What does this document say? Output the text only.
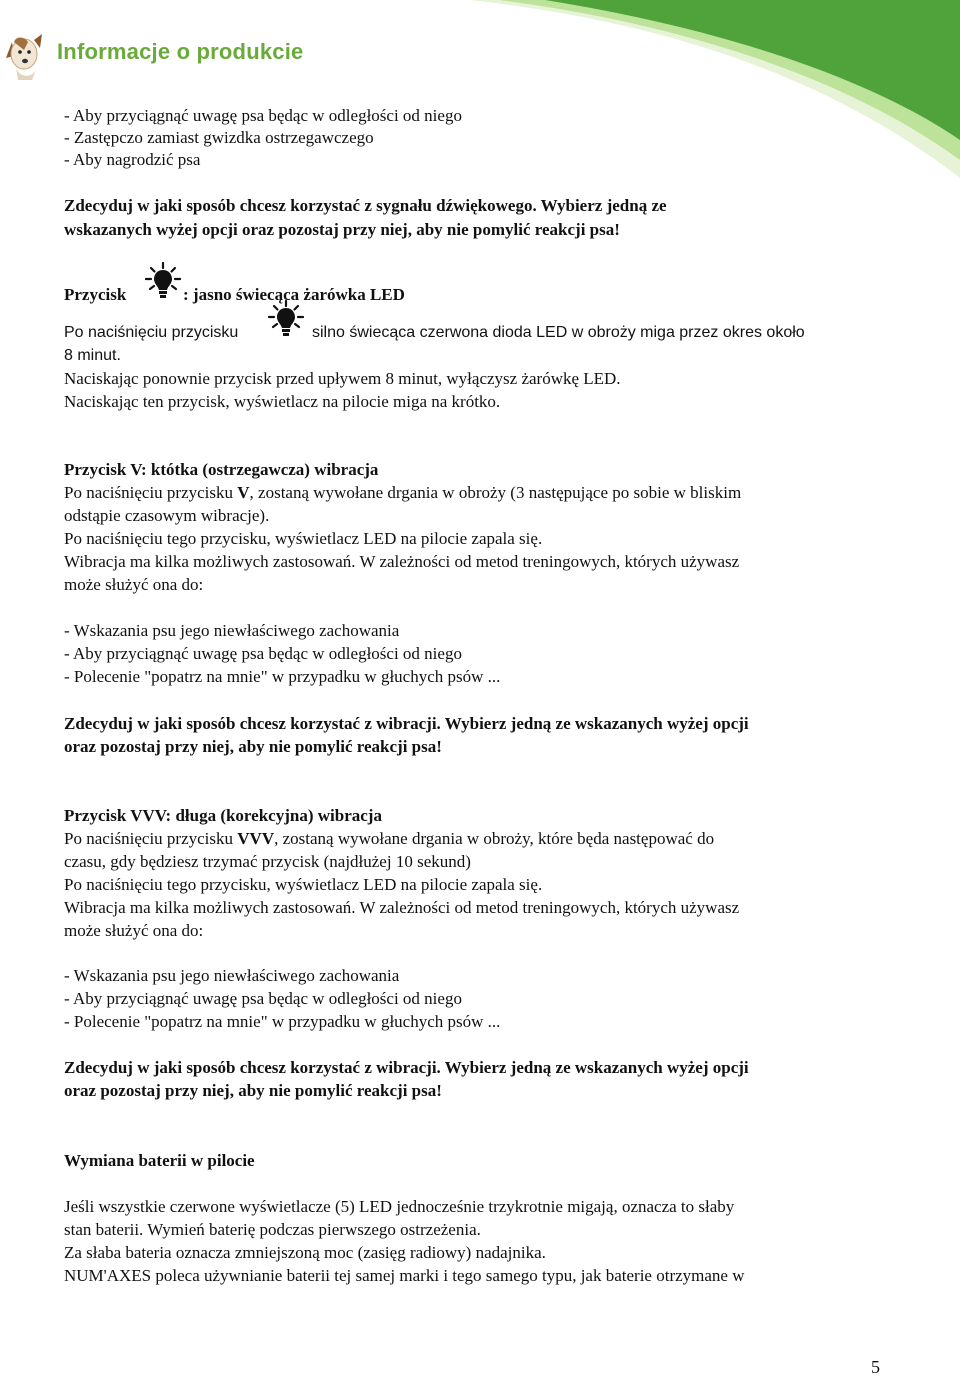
Informacje o produkcie

- Aby przyciągnąć uwagę psa będąc w odległości od niego

- Zastępczo zamiast gwizdka ostrzegawczego

- Aby nagrodzić psa

Zdecyduj w jaki sposób chcesz korzystać z sygnału dźwiękowego. Wybierz jedną ze

wskazanych wyżej opcji oraz pozostaj przy niej, aby nie pomylić reakcji psa!

Przycisk	: jasno świecąca żarówka LED

Po naciśnięciu przycisku	silno świecąca czerwona dioda LED w obroży miga przez okres około

8 minut.

Naciskając ponownie przycisk przed upływem 8 minut, wyłączysz żarówkę LED.

Naciskając ten przycisk, wyświetlacz na pilocie miga na krótko.

Przycisk V: któtka (ostrzegawcza) wibracja

Po naciśnięciu przycisku V, zostaną wywołane drgania w obroży (3 następujące po sobie w bliskim

odstąpie czasowym wibracje).

Po naciśnięciu tego przycisku, wyświetlacz LED na pilocie zapala się.

Wibracja ma kilka możliwych zastosowań. W zależności od metod treningowych, których używasz

może służyć ona do:

- Wskazania psu jego niewłaściwego zachowania

- Aby przyciągnąć uwagę psa będąc w odległości od niego

- Polecenie "popatrz na mnie" w przypadku w głuchych psów ...

Zdecyduj w jaki sposób chcesz korzystać z wibracji. Wybierz jedną ze wskazanych wyżej opcji

oraz pozostaj przy niej, aby nie pomylić reakcji psa!

Przycisk VVV: długa (korekcyjna) wibracja

Po naciśnięciu przycisku VVV, zostaną wywołane drgania w obroży, które będa następować do

czasu, gdy będziesz trzymać przycisk (najdłużej 10 sekund)

Po naciśnięciu tego przycisku, wyświetlacz LED na pilocie zapala się.

Wibracja ma kilka możliwych zastosowań. W zależności od metod treningowych, których używasz

może służyć ona do:

- Wskazania psu jego niewłaściwego zachowania

- Aby przyciągnąć uwagę psa będąc w odległości od niego

- Polecenie "popatrz na mnie" w przypadku w głuchych psów ...

Zdecyduj w jaki sposób chcesz korzystać z wibracji. Wybierz jedną ze wskazanych wyżej opcji

oraz pozostaj przy niej, aby nie pomylić reakcji psa!

Wymiana baterii w pilocie

Jeśli wszystkie czerwone wyświetlacze (5) LED jednocześnie trzykrotnie migają, oznacza to słaby

stan baterii. Wymień baterię podczas pierwszego ostrzeżenia.

Za słaba bateria oznacza zmniejszoną moc (zasięg radiowy) nadajnika.

NUM'AXES poleca używnianie baterii tej samej marki i tego samego typu, jak baterie otrzymane w

5
